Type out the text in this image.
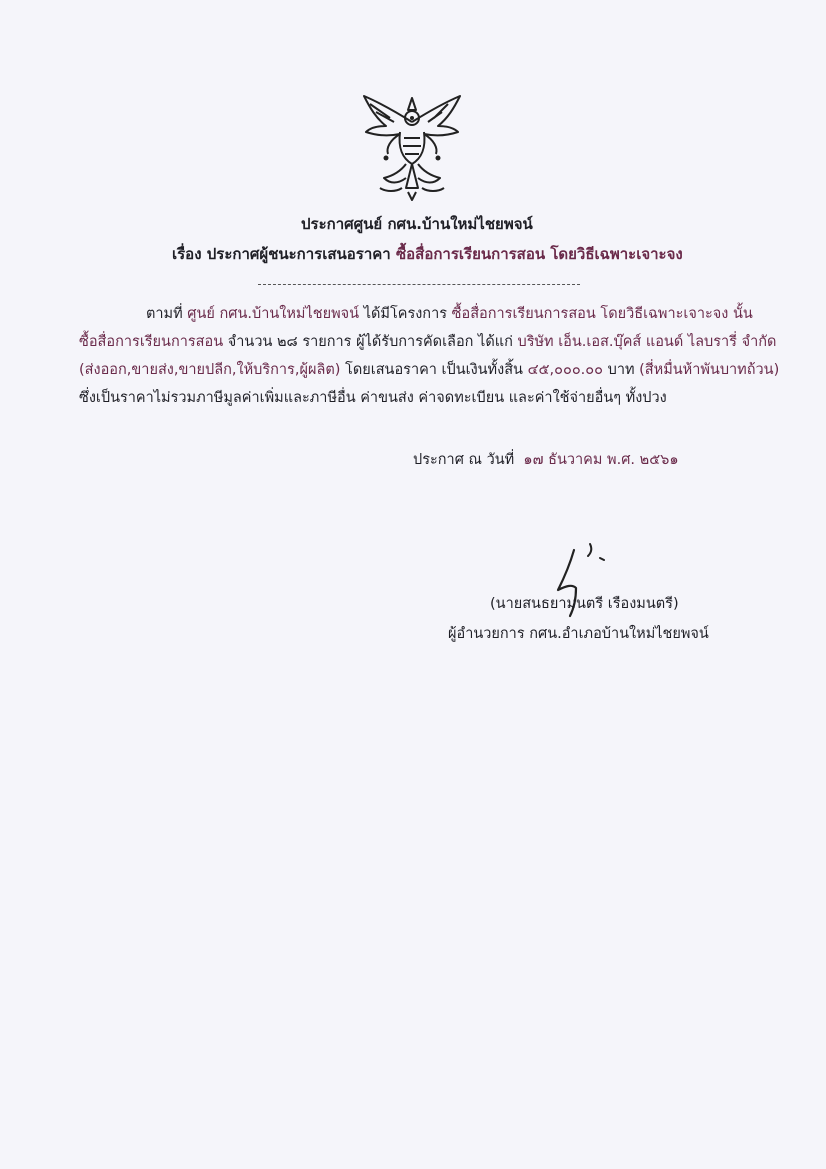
ประกาศศูนย์ กศน.บ้านใหม่ไชยพจน์
เรื่อง ประกาศผู้ชนะการเสนอราคา ซื้อสื่อการเรียนการสอน โดยวิธีเฉพาะเจาะจง
ตามที่ ศูนย์ กศน.บ้านใหม่ไชยพจน์ ได้มีโครงการ ซื้อสื่อการเรียนการสอน โดยวิธีเฉพาะเจาะจง นั้น
ซื้อสื่อการเรียนการสอน จำนวน ๒๘ รายการ ผู้ได้รับการคัดเลือก ได้แก่ บริษัท เอ็น.เอส.บุ๊คส์ แอนด์ ไลบรารี่ จำกัด
(ส่งออก,ขายส่ง,ขายปลีก,ให้บริการ,ผู้ผลิต) โดยเสนอราคา เป็นเงินทั้งสิ้น ๔๕,๐๐๐.๐๐ บาท (สี่หมื่นห้าพันบาทถ้วน)
ซึ่งเป็นราคาไม่รวมภาษีมูลค่าเพิ่มและภาษีอื่น ค่าขนส่ง ค่าจดทะเบียน และค่าใช้จ่ายอื่นๆ ทั้งปวง
ประกาศ ณ วันที่ ๑๗ ธันวาคม พ.ศ. ๒๕๖๑
(นายสนธยามนตรี เรืองมนตรี)
ผู้อำนวยการ กศน.อำเภอบ้านใหม่ไชยพจน์
